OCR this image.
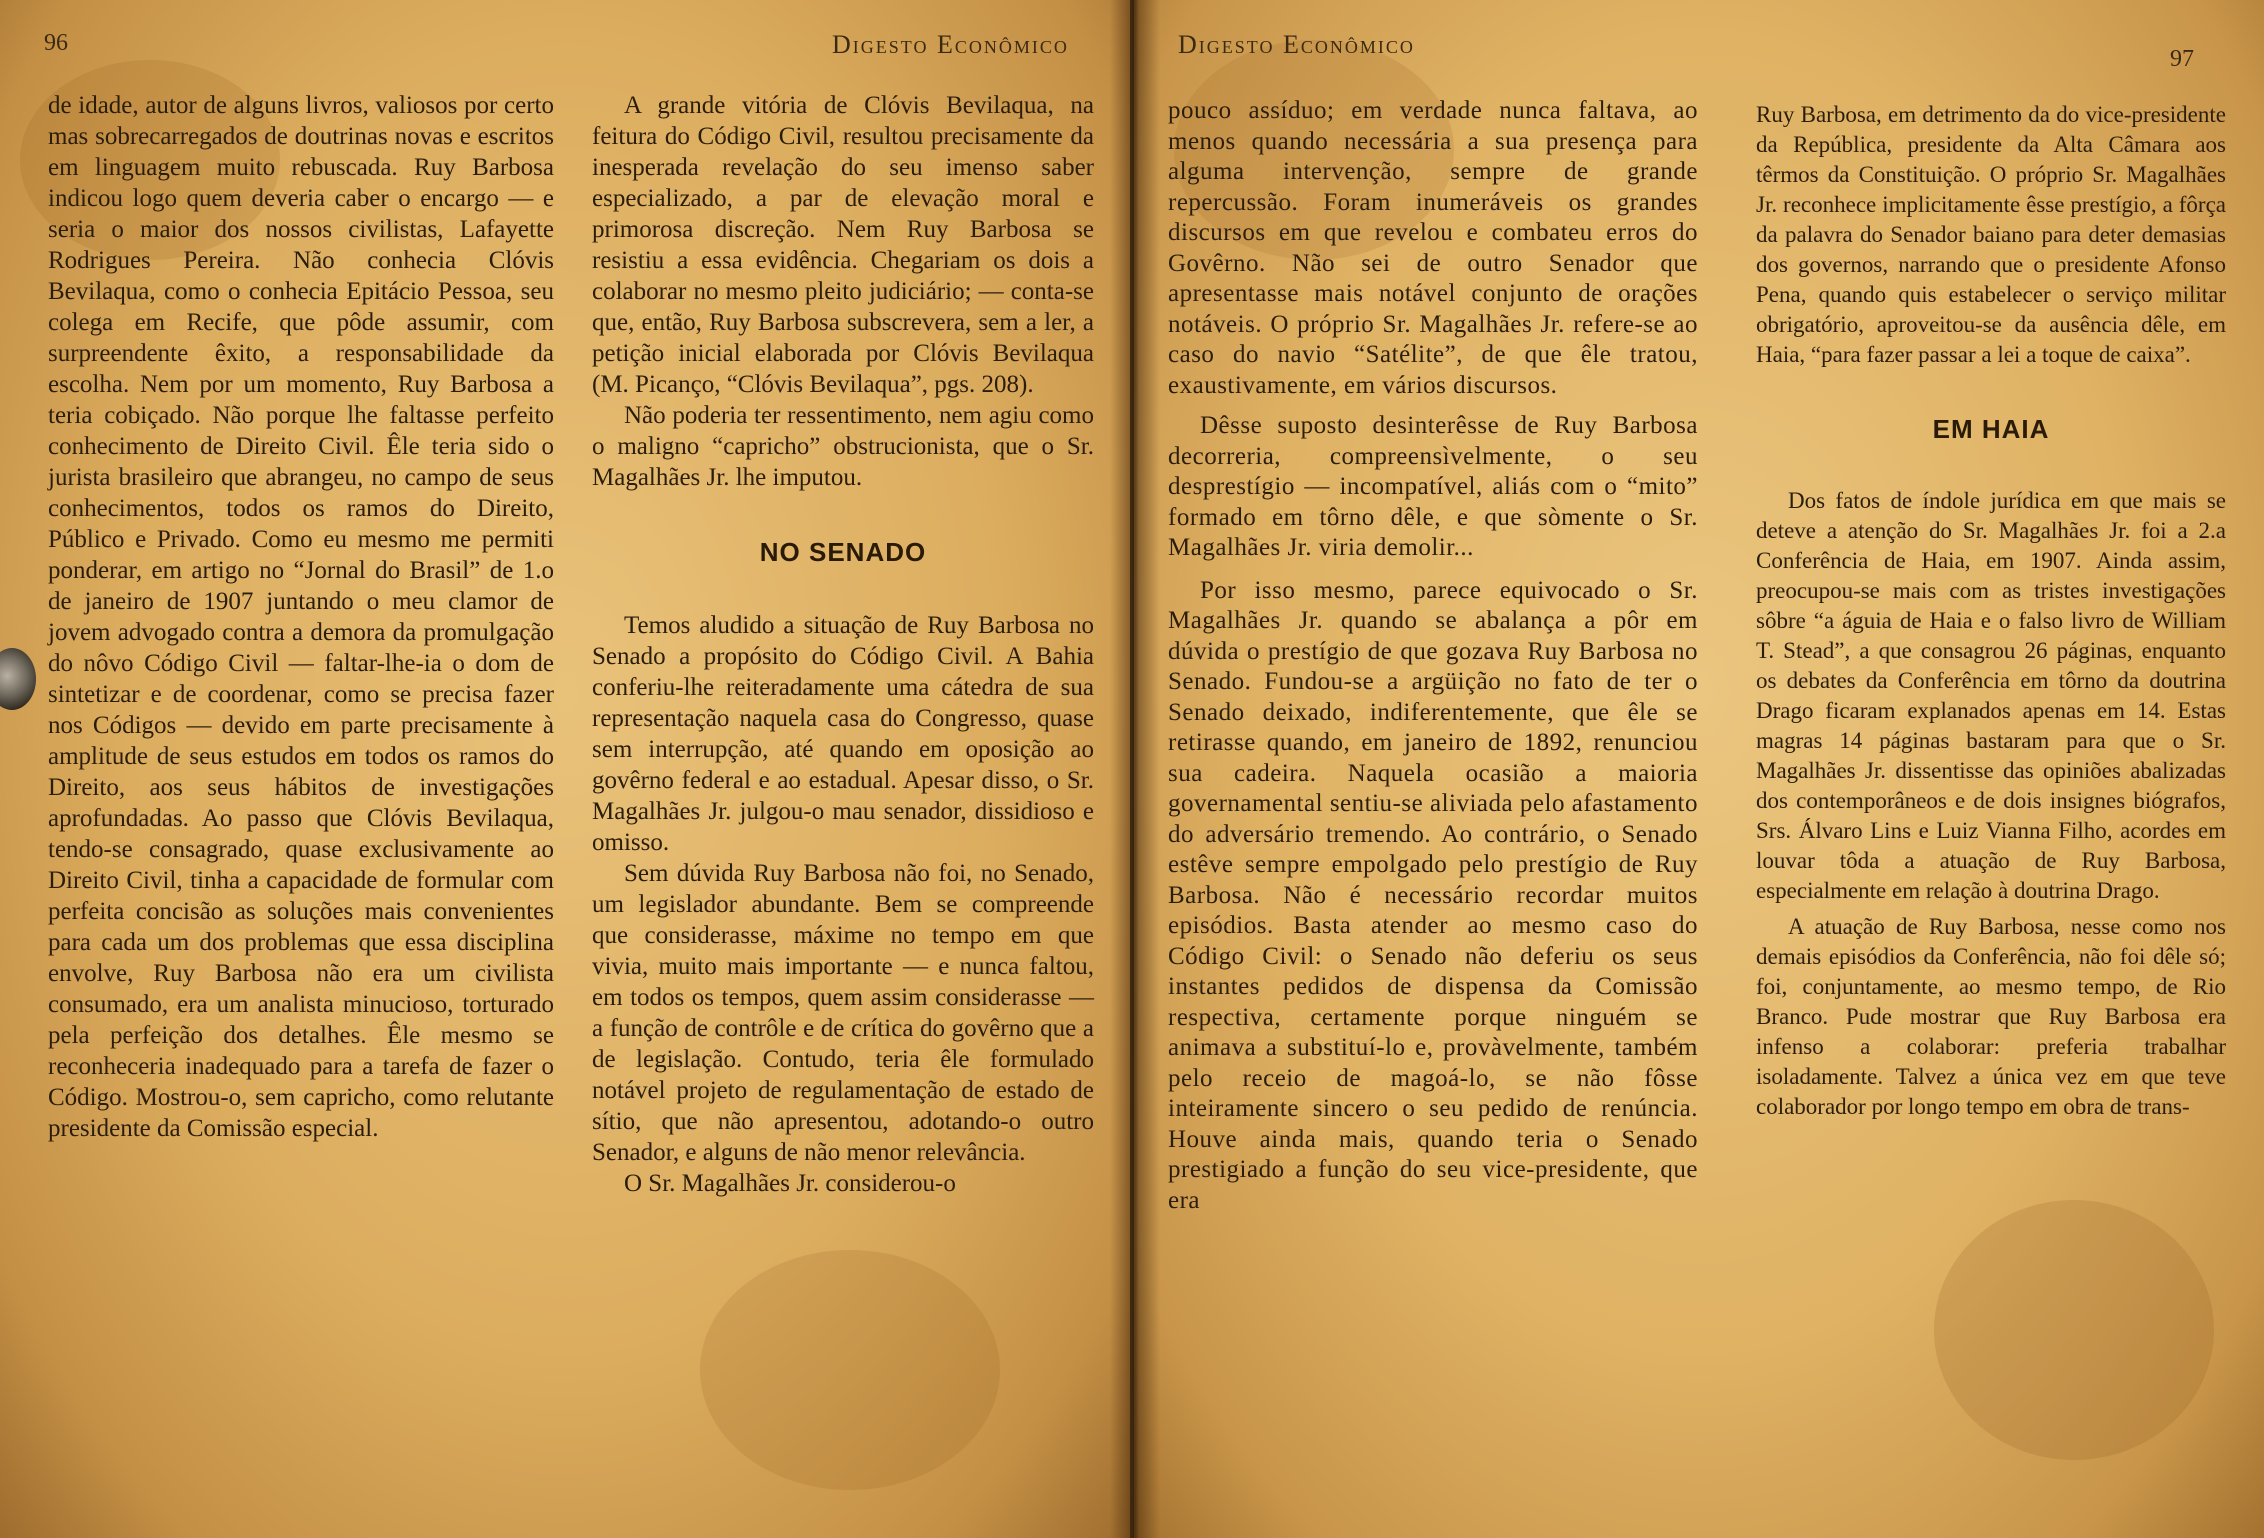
96	Digesto Econômico

de idade, autor de alguns livros, valiosos por certo mas sobrecarregados de doutrinas novas e escritos em linguagem muito rebuscada. Ruy Barbosa indicou logo quem deveria caber o encargo — e seria o maior dos nossos civilistas, Lafayette Rodrigues Pereira. Não conhecia Clóvis Bevilaqua, como o conhecia Epitácio Pessoa, seu colega em Recife, que pôde assumir, com surpreendente êxito, a responsabilidade da escolha. Nem por um momento, Ruy Barbosa a teria cobiçado. Não porque lhe faltasse perfeito conhecimento de Direito Civil. Êle teria sido o jurista brasileiro que abrangeu, no campo de seus conhecimentos, todos os ramos do Direito, Público e Privado. Como eu mesmo me permiti ponderar, em artigo no “Jornal do Brasil” de 1.o de janeiro de 1907 juntando o meu clamor de jovem advogado contra a demora da promulgação do nôvo Código Civil — faltar-lhe-ia o dom de sintetizar e de coordenar, como se precisa fazer nos Códigos — devido em parte precisamente à amplitude de seus estudos em todos os ramos do Direito, aos seus hábitos de investigações aprofundadas. Ao passo que Clóvis Bevilaqua, tendo-se consagrado, quase exclusivamente ao Direito Civil, tinha a capacidade de formular com perfeita concisão as soluções mais convenientes para cada um dos problemas que essa disciplina envolve, Ruy Barbosa não era um civilista consumado, era um analista minucioso, torturado pela perfeição dos detalhes. Êle mesmo se reconheceria inadequado para a tarefa de fazer o Código. Mostrou-o, sem capricho, como relutante presidente da Comissão especial.

A grande vitória de Clóvis Bevilaqua, na feitura do Código Civil, resultou precisamente da inesperada revelação do seu imenso saber especializado, a par de elevação moral e primorosa discreção. Nem Ruy Barbosa se resistiu a essa evidência. Chegariam os dois a colaborar no mesmo pleito judiciário; — conta-se que, então, Ruy Barbosa subscrevera, sem a ler, a petição inicial elaborada por Clóvis Bevilaqua (M. Picanço, “Clóvis Bevilaqua”, pgs. 208).

Não poderia ter ressentimento, nem agiu como o maligno “capricho” obstrucionista, que o Sr. Magalhães Jr. lhe imputou.

NO SENADO

Temos aludido a situação de Ruy Barbosa no Senado a propósito do Código Civil. A Bahia conferiu-lhe reiteradamente uma cátedra de sua representação naquela casa do Congresso, quase sem interrupção, até quando em oposição ao govêrno federal e ao estadual. Apesar disso, o Sr. Magalhães Jr. julgou-o mau senador, dissidioso e omisso.

Sem dúvida Ruy Barbosa não foi, no Senado, um legislador abundante. Bem se compreende que considerasse, máxime no tempo em que vivia, muito mais importante — e nunca faltou, em todos os tempos, quem assim considerasse — a função de contrôle e de crítica do govêrno que a de legislação. Contudo, teria êle formulado notável projeto de regulamentação de estado de sítio, que não apresentou, adotando-o outro Senador, e alguns de não menor relevância.

O Sr. Magalhães Jr. considerou-o

Digesto Econômico	97

pouco assíduo; em verdade nunca faltava, ao menos quando necessária a sua presença para alguma intervenção, sempre de grande repercussão. Foram inumeráveis os grandes discursos em que revelou e combateu erros do Govêrno. Não sei de outro Senador que apresentasse mais notável conjunto de orações notáveis. O próprio Sr. Magalhães Jr. refere-se ao caso do navio “Satélite”, de que êle tratou, exaustivamente, em vários discursos.

Dêsse suposto desinterêsse de Ruy Barbosa decorreria, compreensìvelmente, o seu desprestígio — incompatível, aliás com o “mito” formado em tôrno dêle, e que sòmente o Sr. Magalhães Jr. viria demolir...

Por isso mesmo, parece equivocado o Sr. Magalhães Jr. quando se abalança a pôr em dúvida o prestígio de que gozava Ruy Barbosa no Senado. Fundou-se a argüição no fato de ter o Senado deixado, indiferentemente, que êle se retirasse quando, em janeiro de 1892, renunciou sua cadeira. Naquela ocasião a maioria governamental sentiu-se aliviada pelo afastamento do adversário tremendo. Ao contrário, o Senado estêve sempre empolgado pelo prestígio de Ruy Barbosa. Não é necessário recordar muitos episódios. Basta atender ao mesmo caso do Código Civil: o Senado não deferiu os seus instantes pedidos de dispensa da Comissão respectiva, certamente porque ninguém se animava a substituí-lo e, provàvelmente, também pelo receio de magoá-lo, se não fôsse inteiramente sincero o seu pedido de renúncia. Houve ainda mais, quando teria o Senado prestigiado a função do seu vice-presidente, que era

Ruy Barbosa, em detrimento da do vice-presidente da República, presidente da Alta Câmara aos têrmos da Constituição. O próprio Sr. Magalhães Jr. reconhece implicitamente êsse prestígio, a fôrça da palavra do Senador baiano para deter demasias dos governos, narrando que o presidente Afonso Pena, quando quis estabelecer o serviço militar obrigatório, aproveitou-se da ausência dêle, em Haia, “para fazer passar a lei a toque de caixa”.

EM HAIA

Dos fatos de índole jurídica em que mais se deteve a atenção do Sr. Magalhães Jr. foi a 2.a Conferência de Haia, em 1907. Ainda assim, preocupou-se mais com as tristes investigações sôbre “a águia de Haia e o falso livro de William T. Stead”, a que consagrou 26 páginas, enquanto os debates da Conferência em tôrno da doutrina Drago ficaram explanados apenas em 14. Estas magras 14 páginas bastaram para que o Sr. Magalhães Jr. dissentisse das opiniões abalizadas dos contemporâneos e de dois insignes biógrafos, Srs. Álvaro Lins e Luiz Vianna Filho, acordes em louvar tôda a atuação de Ruy Barbosa, especialmente em relação à doutrina Drago.

A atuação de Ruy Barbosa, nesse como nos demais episódios da Conferência, não foi dêle só; foi, conjuntamente, ao mesmo tempo, de Rio Branco. Pude mostrar que Ruy Barbosa era infenso a colaborar: preferia trabalhar isoladamente. Talvez a única vez em que teve colaborador por longo tempo em obra de trans-
